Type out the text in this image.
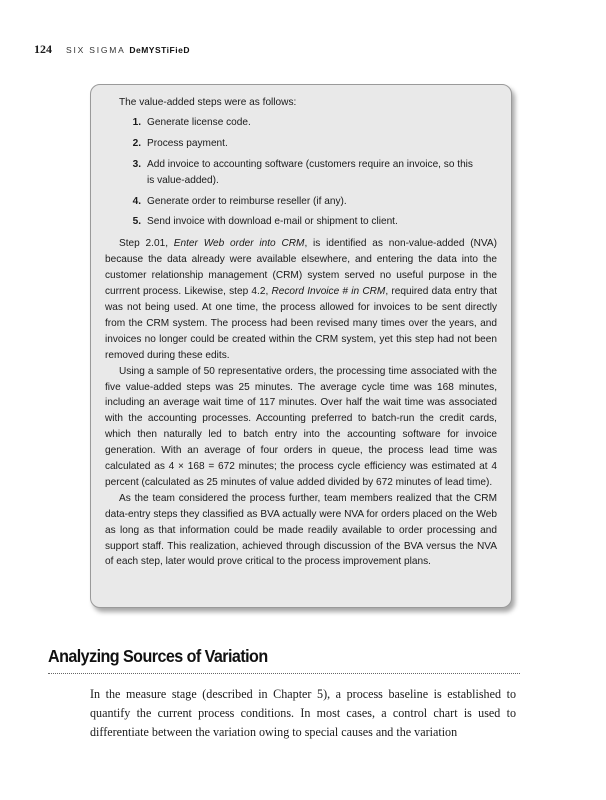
124 SIX SIGMA DeMYSTiFieD

The value-added steps were as follows:

1. Generate license code.
2. Process payment.
3. Add invoice to accounting software (customers require an invoice, so this is value-added).
4. Generate order to reimburse reseller (if any).
5. Send invoice with download e-mail or shipment to client.

Step 2.01, Enter Web order into CRM, is identified as non-value-added (NVA) because the data already were available elsewhere, and entering the data into the customer relationship management (CRM) system served no useful purpose in the currrent process. Likewise, step 4.2, Record Invoice # in CRM, required data entry that was not being used. At one time, the process allowed for invoices to be sent directly from the CRM system. The process had been revised many times over the years, and invoices no longer could be created within the CRM system, yet this step had not been removed during these edits.

Using a sample of 50 representative orders, the processing time associated with the five value-added steps was 25 minutes. The average cycle time was 168 minutes, including an average wait time of 117 minutes. Over half the wait time was associated with the accounting processes. Accounting preferred to batch-run the credit cards, which then naturally led to batch entry into the accounting software for invoice generation. With an average of four orders in queue, the process lead time was calculated as 4 × 168 = 672 minutes; the process cycle efficiency was estimated at 4 percent (calculated as 25 minutes of value added divided by 672 minutes of lead time).

As the team considered the process further, team members realized that the CRM data-entry steps they classified as BVA actually were NVA for orders placed on the Web as long as that information could be made readily available to order processing and support staff. This realization, achieved through discussion of the BVA versus the NVA of each step, later would prove critical to the process improvement plans.

Analyzing Sources of Variation

In the measure stage (described in Chapter 5), a process baseline is established to quantify the current process conditions. In most cases, a control chart is used to differentiate between the variation owing to special causes and the variation
